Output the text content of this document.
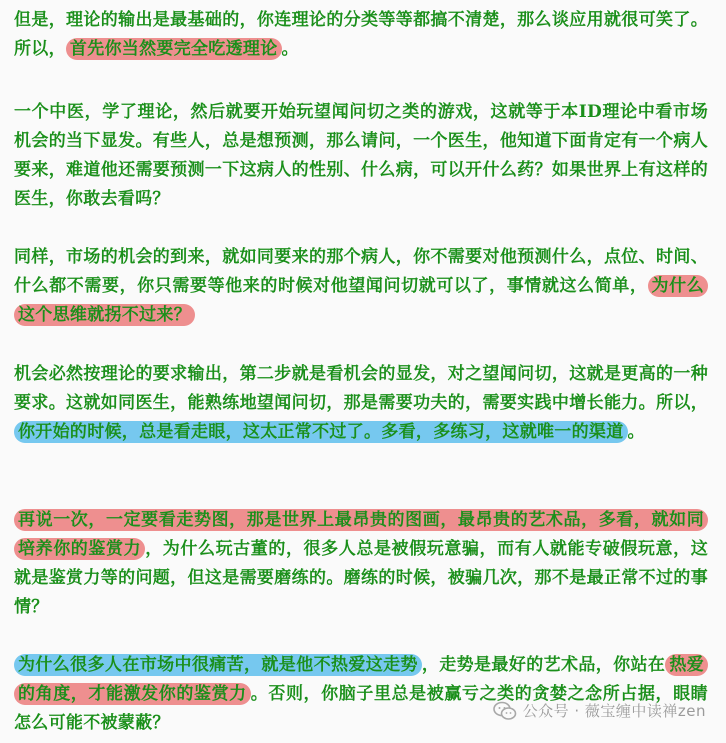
但是，理论的输出是最基础的，你连理论的分类等等都搞不清楚，那么谈应用就很可笑了。所以， 首先你当然要完全吃透理论 。

一个中医，学了理论，然后就要开始玩望闻问切之类的游戏，这就等于本ID理论中看市场机会的当下显发。有些人，总是想预测，那么请问，一个医生，他知道下面肯定有一个病人要来，难道他还需要预测一下这病人的性别、什么病，可以开什么药？如果世界上有这样的医生，你敢去看吗？

同样，市场的机会的到来，就如同要来的那个病人，你不需要对他预测什么，点位、时间、什么都不需要，你只需要等他来的时候对他望闻问切就可以了，事情就这么简单， 为什么这个思维就拐不过来？

机会必然按理论的要求输出，第二步就是看机会的显发，对之望闻问切，这就是更高的一种要求。这就如同医生，能熟练地望闻问切，那是需要功夫的，需要实践中增长能力。所以，你开始的时候，总是看走眼，这太正常不过了。多看，多练习，这就唯一的渠道 。

再说一次，一定要看走势图，那是世界上最昂贵的图画，最昂贵的艺术品，多看，就如同培养你的鉴赏力 ，为什么玩古董的，很多人总是被假玩意骗，而有人就能专破假玩意，这就是鉴赏力等的问题，但这是需要磨练的。磨练的时候，被骗几次，那不是最正常不过的事情？

为什么很多人在市场中很痛苦，就是他不热爱这走势 ，走势是最好的艺术品，你站在 热爱的角度，才能激发你的鉴赏力 。否则，你脑子里总是被赢亏之类的贪婪之念所占据，眼睛怎么可能不被蒙蔽？

公众号 · 薇宝缠中读禅zen
